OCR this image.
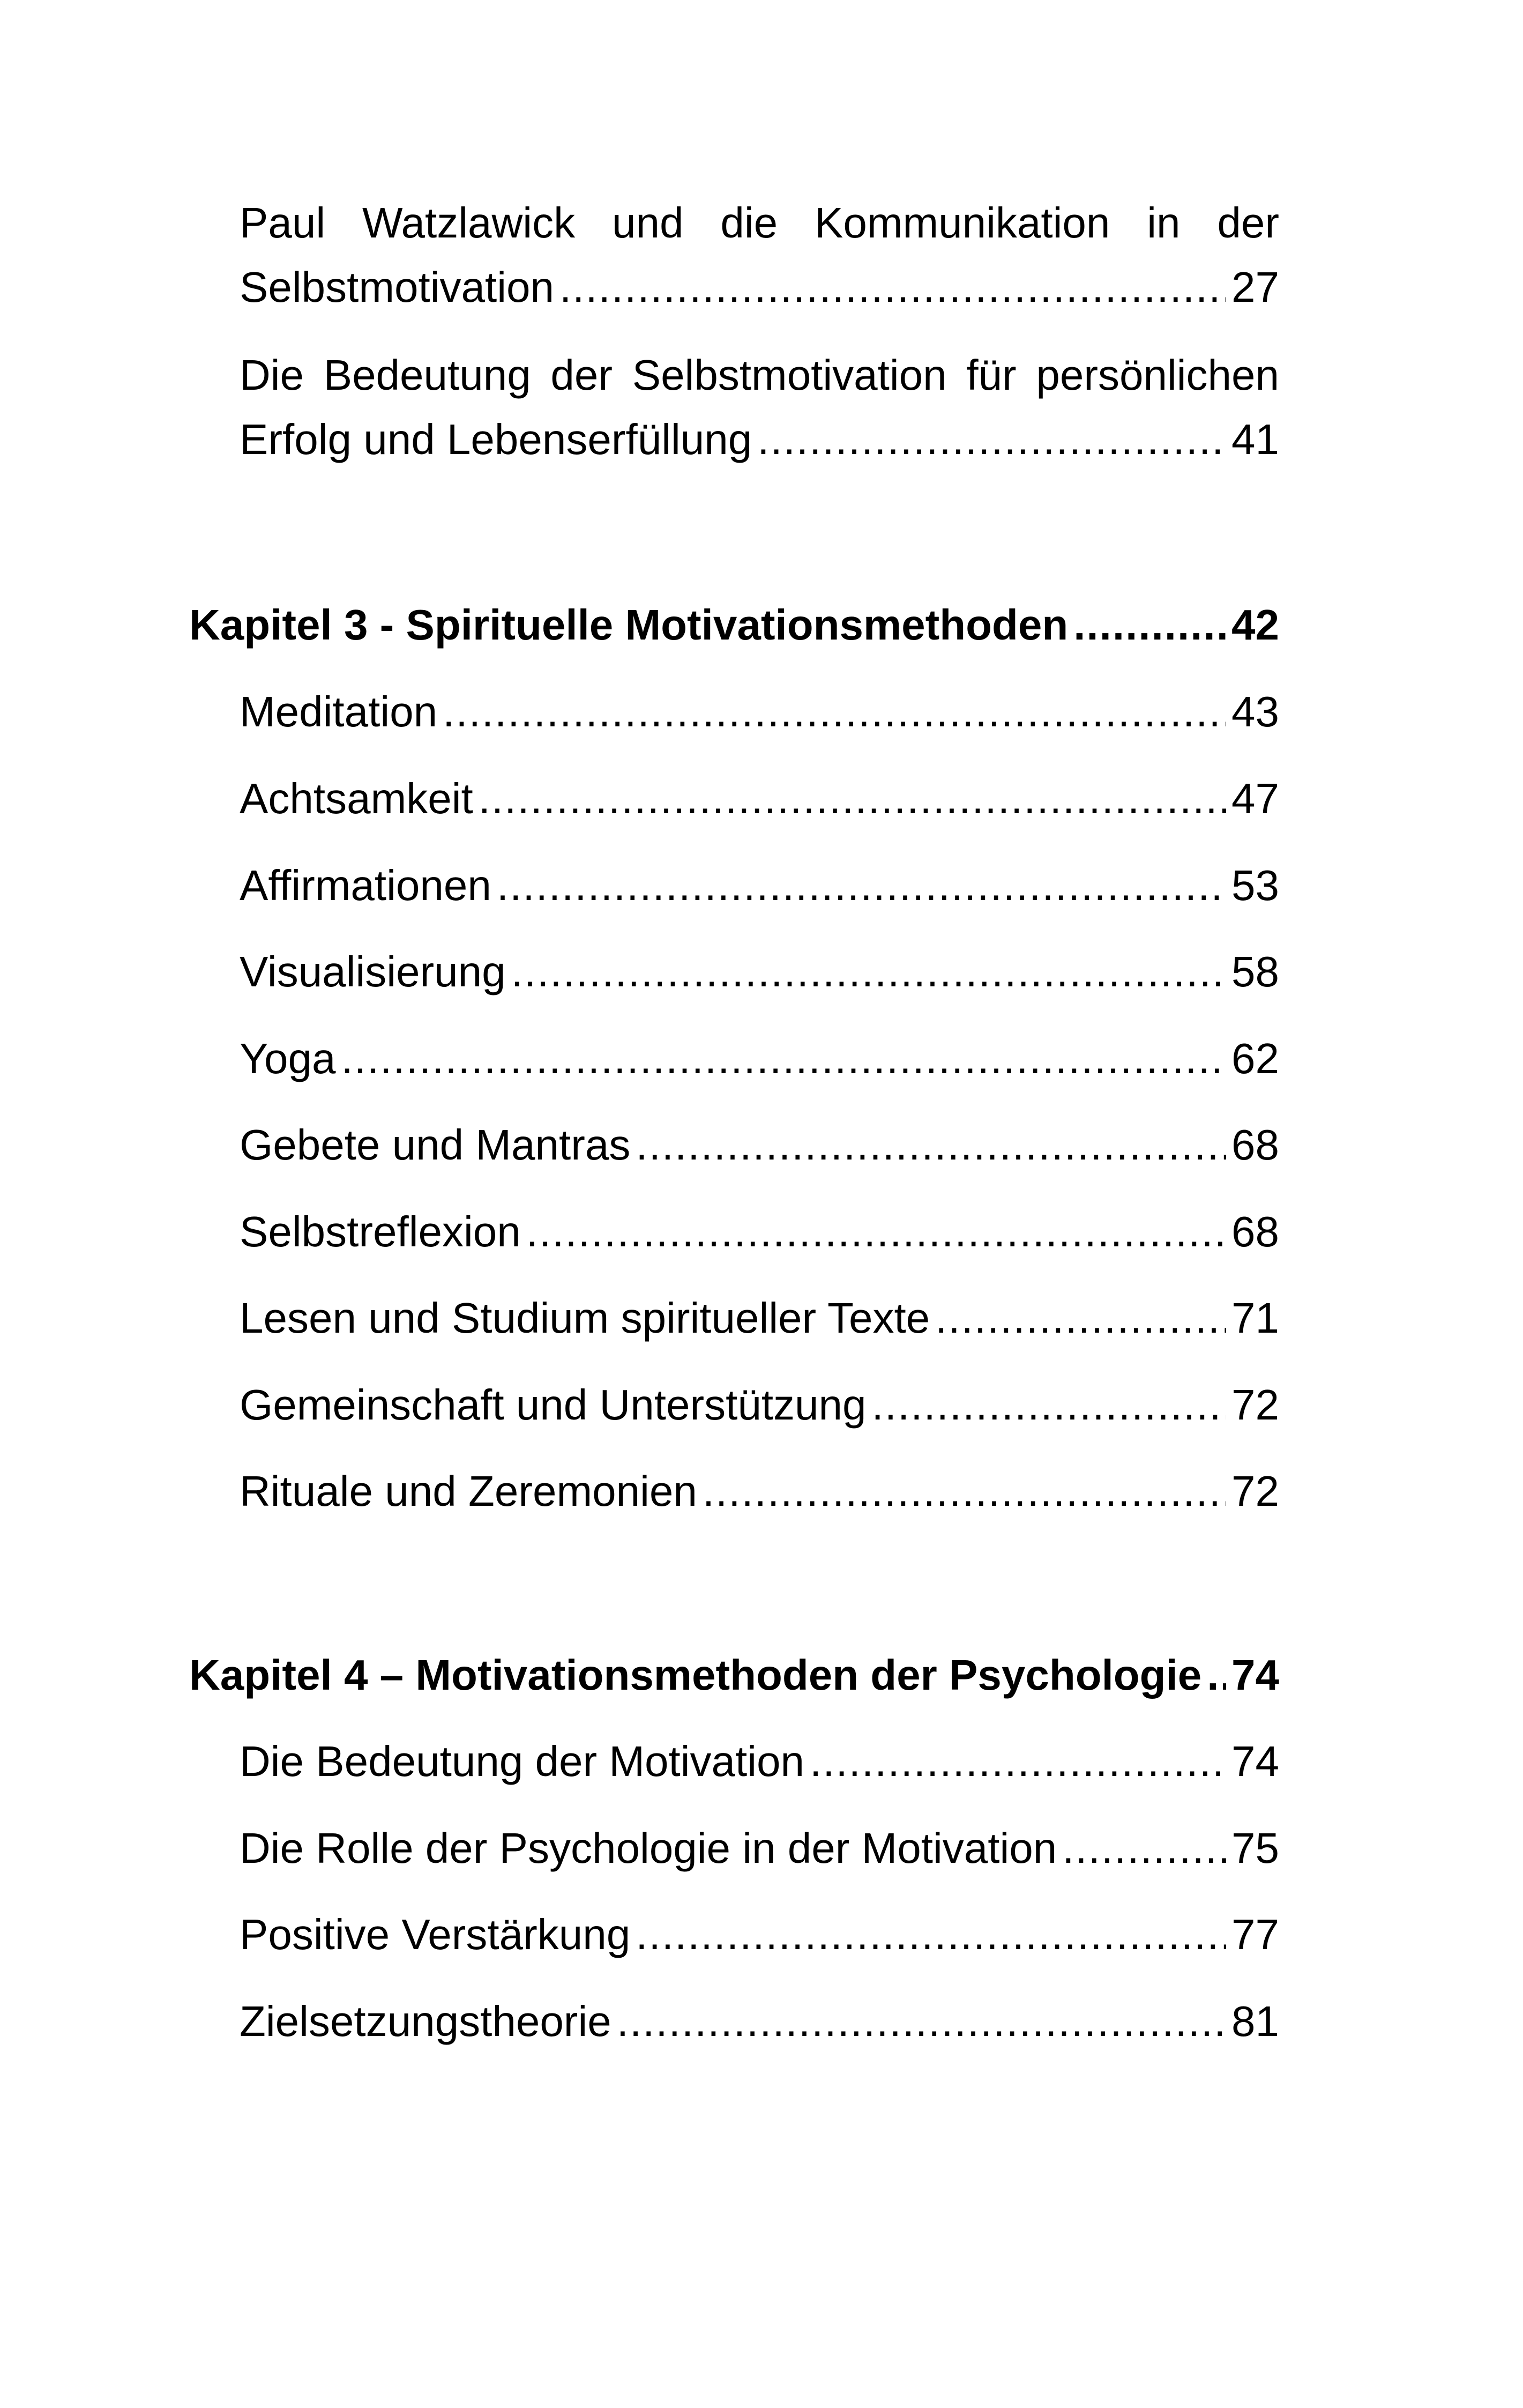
Paul Watzlawick und die Kommunikation in der
Selbstmotivation .....	27
Die Bedeutung der Selbstmotivation für persönlichen
Erfolg und Lebenserfüllung .....	41
Kapitel 3 - Spirituelle Motivationsmethoden .....	42
Meditation .....	43
Achtsamkeit .....	47
Affirmationen .....	53
Visualisierung .....	58
Yoga .....	62
Gebete und Mantras .....	68
Selbstreflexion .....	68
Lesen und Studium spiritueller Texte .....	71
Gemeinschaft und Unterstützung .....	72
Rituale und Zeremonien .....	72
Kapitel 4 – Motivationsmethoden der Psychologie ..... 74
Die Bedeutung der Motivation .....	74
Die Rolle der Psychologie in der Motivation .....	75
Positive Verstärkung .....	77
Zielsetzungstheorie .....	81
